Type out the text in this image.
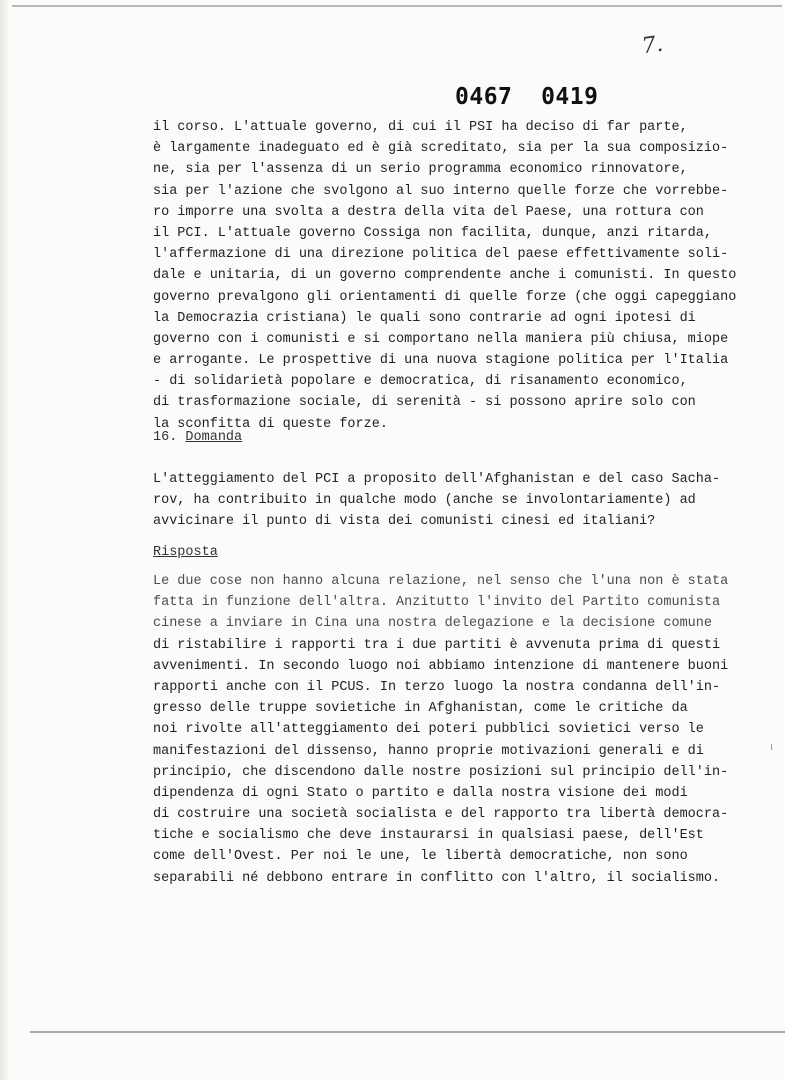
7.
0467  0419
il corso. L'attuale governo, di cui il PSI ha deciso di far parte,
è largamente inadeguato ed è già screditato, sia per la sua composizio-
ne, sia per l'assenza di un serio programma economico rinnovatore,
sia per l'azione che svolgono al suo interno quelle forze che vorrebbe-
ro imporre una svolta a destra della vita del Paese, una rottura con
il PCI. L'attuale governo Cossiga non facilita, dunque, anzi ritarda,
l'affermazione di una direzione politica del paese effettivamente soli-
dale e unitaria, di un governo comprendente anche i comunisti. In questo
governo prevalgono gli orientamenti di quelle forze (che oggi capeggiano
la Democrazia cristiana) le quali sono contrarie ad ogni ipotesi di
governo con i comunisti e si comportano nella maniera più chiusa, miope
e arrogante. Le prospettive di una nuova stagione politica per l'Italia
- di solidarietà popolare e democratica, di risanamento economico,
di trasformazione sociale, di serenità - si possono aprire solo con
la sconfitta di queste forze.
16. Domanda
L'atteggiamento del PCI a proposito dell'Afghanistan e del caso Sacha-
rov, ha contribuito in qualche modo (anche se involontariamente) ad
avvicinare il punto di vista dei comunisti cinesi ed italiani?
Risposta
Le due cose non hanno alcuna relazione, nel senso che l'una non è stata
fatta in funzione dell'altra. Anzitutto l'invito del Partito comunista
cinese a inviare in Cina una nostra delegazione e la decisione comune
di ristabilire i rapporti tra i due partiti è avvenuta prima di questi
avvenimenti. In secondo luogo noi abbiamo intenzione di mantenere buoni
rapporti anche con il PCUS. In terzo luogo la nostra condanna dell'in-
gresso delle truppe sovietiche in Afghanistan, come le critiche da
noi rivolte all'atteggiamento dei poteri pubblici sovietici verso le
manifestazioni del dissenso, hanno proprie motivazioni generali e di
principio, che discendono dalle nostre posizioni sul principio dell'in-
dipendenza di ogni Stato o partito e dalla nostra visione dei modi
di costruire una società socialista e del rapporto tra libertà democra-
tiche e socialismo che deve instaurarsi in qualsiasi paese, dell'Est
come dell'Ovest. Per noi le une, le libertà democratiche, non sono
separabili né debbono entrare in conflitto con l'altro, il socialismo.
ı
